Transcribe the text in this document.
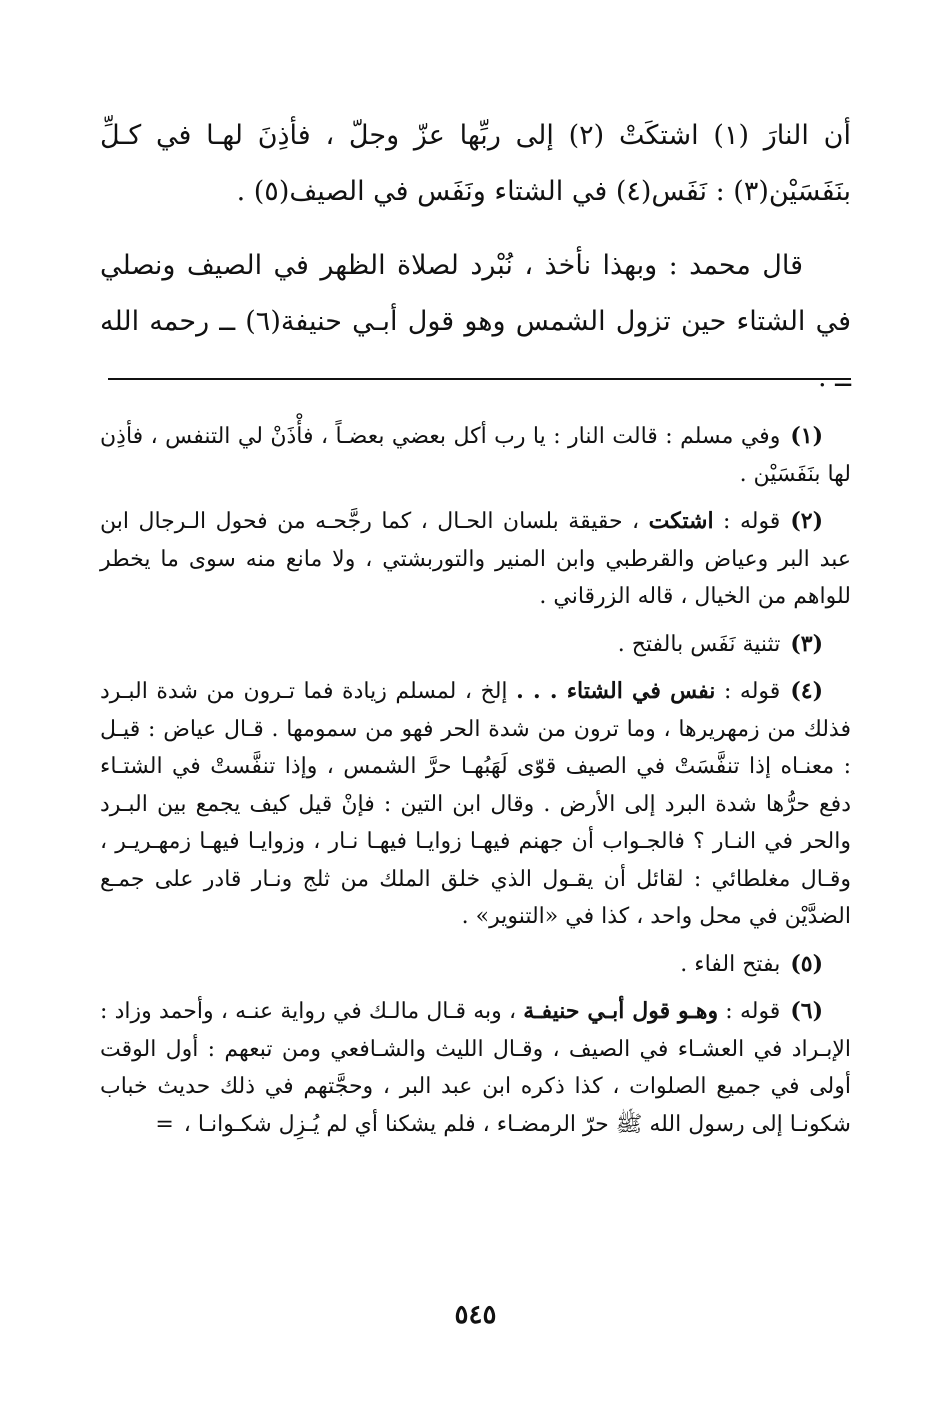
أن النارَ (١) اشتكَتْ (٢) إلى ربِّها عزّ وجلّ ، فأذِنَ لهـا في كـلِّ بنَفَسَيْن(٣) : نَفَس(٤) في الشتاء ونَفَس في الصيف(٥) .

قال محمد : وبهذا نأخذ ، نُبْرد لصلاة الظهر في الصيف ونصلي في الشتاء حين تزول الشمس وهو قول أبـي حنيفة(٦) ــ رحمه الله ــ .

(١)وفي مسلم : قالت النار : يا رب أكل بعضي بعضـاً ، فأْذَنْ لي التنفس ، فأذِن لها بنَفَسَيْن .

(٢)قوله : اشتكت ، حقيقة بلسان الحـال ، كما رجَّحـه من فحول الـرجال ابن عبد البر وعياض والقرطبي وابن المنير والتوربشتي ، ولا مانع منه سوى ما يخطر للواهم من الخيال ، قاله الزرقاني .

(٣)تثنية نَفَس بالفتح .

(٤)قوله : نفس في الشتاء . . . إلخ ، لمسلم زيادة فما تـرون من شدة البـرد فذلك من زمهريرها ، وما ترون من شدة الحر فهو من سمومها . قـال عياض : قيـل : معنـاه إذا تنفَّسَتْ في الصيف قوّى لَهَبُهـا حرَّ الشمس ، وإذا تنفَّستْ في الشتـاء دفع حرُّها شدة البرد إلى الأرض . وقال ابن التين : فإنْ قيل كيف يجمع بين البـرد والحر في النـار ؟ فالجـواب أن جهنم فيهـا زوايـا فيهـا نـار ، وزوايـا فيهـا زمهـريـر ، وقـال مغلطائي : لقائل أن يقـول الذي خلق الملك من ثلج ونـار قادر على جمـع الضدَّيْن في محل واحد ، كذا في «التنوير» .

(٥)بفتح الفاء .

(٦)قوله : وهـو قول أبـي حنيفـة ، وبه قـال مالـك في رواية عنـه ، وأحمد وزاد : الإبـراد في العشـاء في الصيف ، وقـال الليث والشـافعي ومن تبعهم : أول الوقت أولى في جميع الصلوات ، كذا ذكره ابن عبد البر ، وحجَّتهم في ذلك حديث خباب شكونـا إلى رسول الله ﷺ حرّ الرمضـاء ، فلم يشكنا أي لم يُـزِل شكـوانـا ،=

٥٤٥
